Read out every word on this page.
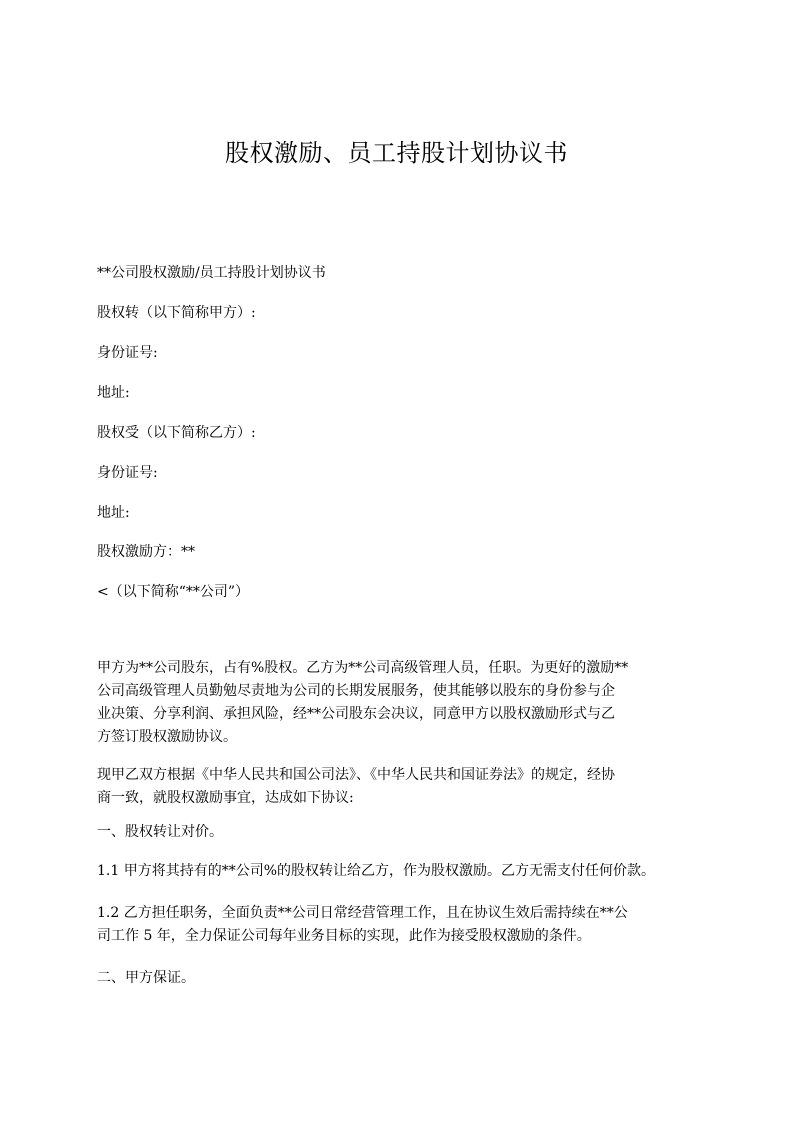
股权激励、员工持股计划协议书
**公司股权激励/员工持股计划协议书
股权转（以下简称甲方）:
身份证号:
地址:
股权受（以下简称乙方）:
身份证号:
地址:
股权激励方：**
<（以下简称“**公司”）
甲方为**公司股东，占有%股权。乙方为**公司高级管理人员，任职。为更好的激励**
公司高级管理人员勤勉尽责地为公司的长期发展服务，使其能够以股东的身份参与企
业决策、分享利润、承担风险，经**公司股东会决议，同意甲方以股权激励形式与乙
方签订股权激励协议。
现甲乙双方根据《中华人民共和国公司法》、《中华人民共和国证券法》的规定，经协
商一致，就股权激励事宜，达成如下协议:
一、股权转让对价。
1.1 甲方将其持有的**公司%的股权转让给乙方，作为股权激励。乙方无需支付任何价款。
1.2 乙方担任职务，全面负责**公司日常经营管理工作，且在协议生效后需持续在**公
司工作 5 年，全力保证公司每年业务目标的实现，此作为接受股权激励的条件。
二、甲方保证。
